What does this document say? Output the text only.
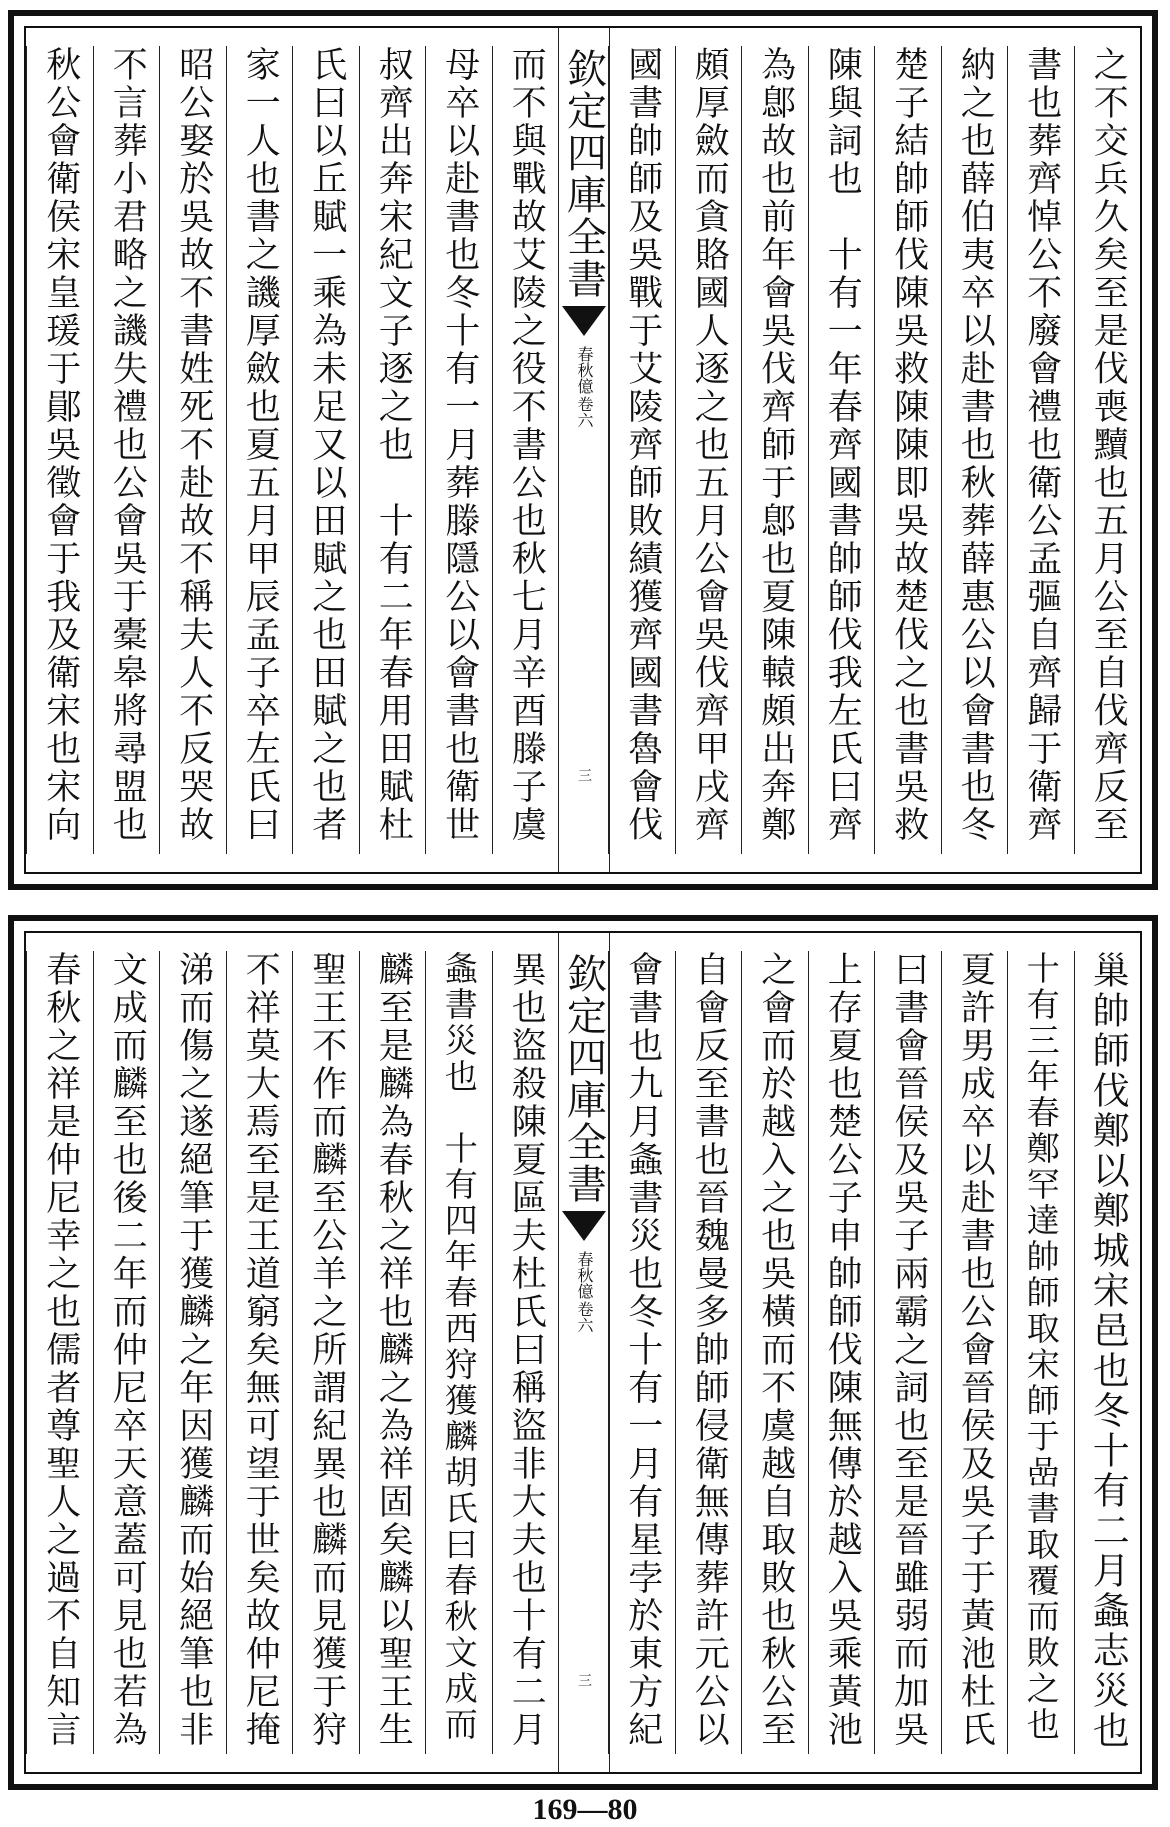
之不交兵久矣至是伐喪黷也五月公至自伐齊反至
書也葬齊悼公不廢會禮也衛公孟彄自齊歸于衛齊
納之也薛伯夷卒以赴書也秋葬薛惠公以會書也冬
楚子結帥師伐陳吳救陳陳即吳故楚伐之也書吳救
陳與詞也　十有一年春齊國書帥師伐我左氏曰齊
為鄎故也前年會吳伐齊師于鄎也夏陳轅頗出奔鄭
頗厚斂而貪賂國人逐之也五月公會吳伐齊甲戌齊
國書帥師及吳戰于艾陵齊師敗績獲齊國書魯會伐
欽定四庫全書
春秋億
卷六
三
而不與戰故艾陵之役不書公也秋七月辛酉滕子虞
母卒以赴書也冬十有一月葬滕隱公以會書也衛世
叔齊出奔宋紀文子逐之也　十有二年春用田賦杜
氏曰以丘賦一乘為未足又以田賦之也田賦之也者
家一人也書之譏厚斂也夏五月甲辰孟子卒左氏曰
昭公娶於吳故不書姓死不赴故不稱夫人不反哭故
不言葬小君略之譏失禮也公會吳于橐皋將尋盟也
秋公會衛侯宋皇瑗于鄖吳徵會于我及衛宋也宋向
巢帥師伐鄭以鄭城宋邑也冬十有二月螽志災也
十有三年春鄭罕達帥師取宋師于嵒書取覆而敗之也
夏許男成卒以赴書也公會晉侯及吳子于黃池杜氏
曰書會晉侯及吳子兩霸之詞也至是晉雖弱而加吳
上存夏也楚公子申帥師伐陳無傳於越入吳乘黃池
之會而於越入之也吳橫而不虞越自取敗也秋公至
自會反至書也晉魏曼多帥師侵衛無傳葬許元公以
會書也九月螽書災也冬十有一月有星孛於東方紀
欽定四庫全書
春秋億
卷六
三
異也盜殺陳夏區夫杜氏曰稱盜非大夫也十有二月
螽書災也　十有四年春西狩獲麟胡氏曰春秋文成而
麟至是麟為春秋之祥也麟之為祥固矣麟以聖王生
聖王不作而麟至公羊之所謂紀異也麟而見獲于狩
不祥莫大焉至是王道窮矣無可望于世矣故仲尼掩
涕而傷之遂絕筆于獲麟之年因獲麟而始絕筆也非
文成而麟至也後二年而仲尼卒天意蓋可見也若為
春秋之祥是仲尼幸之也儒者尊聖人之過不自知言
169—80
